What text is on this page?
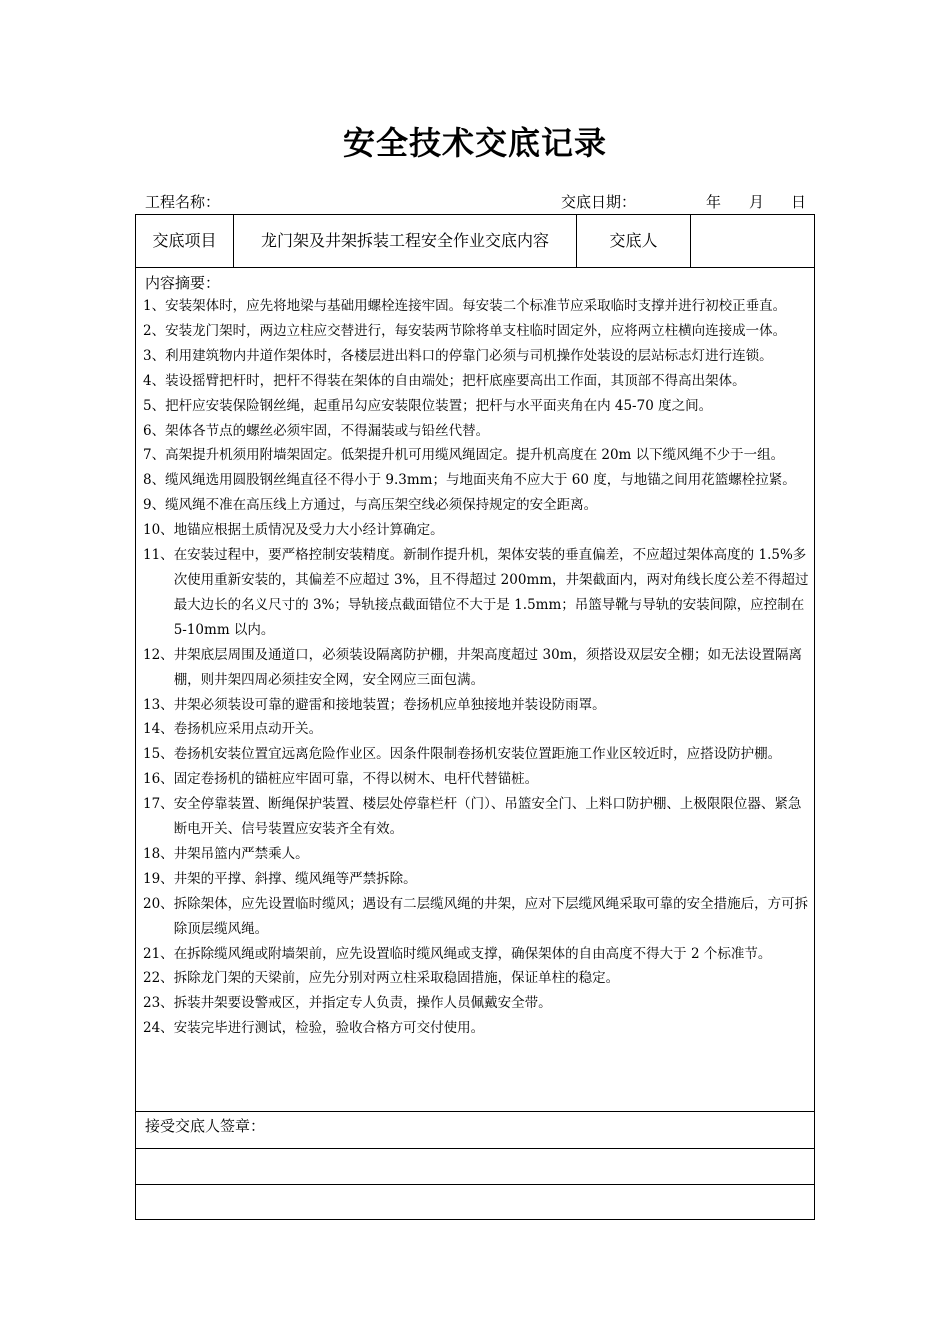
安全技术交底记录
工程名称：	交底日期：	年 月 日
交底项目	龙门架及井架拆装工程安全作业交底内容	交底人
内容摘要：
1、 安装架体时，应先将地梁与基础用螺栓连接牢固。每安装二个标准节应采取临时支撑并进行初校正垂直。
2、 安装龙门架时，两边立柱应交替进行，每安装两节除将单支柱临时固定外，应将两立柱横向连接成一体。
3、 利用建筑物内井道作架体时，各楼层进出料口的停靠门必须与司机操作处装设的层站标志灯进行连锁。
4、 装设摇臂把杆时，把杆不得装在架体的自由端处；把杆底座要高出工作面，其顶部不得高出架体。
5、 把杆应安装保险钢丝绳，起重吊勾应安装限位装置；把杆与水平面夹角在内 45-70 度之间。
6、 架体各节点的螺丝必须牢固，不得漏装或与铅丝代替。
7、 高架提升机须用附墙架固定。低架提升机可用缆风绳固定。提升机高度在 20m 以下缆风绳不少于一组。
8、 缆风绳选用圆股钢丝绳直径不得小于 9.3mm；与地面夹角不应大于 60 度，与地锚之间用花篮螺栓拉紧。
9、 缆风绳不准在高压线上方通过，与高压架空线必须保持规定的安全距离。
10、 地锚应根据土质情况及受力大小经计算确定。
11、 在安装过程中，要严格控制安装精度。新制作提升机，架体安装的垂直偏差，不应超过架体高度的 1.5%多次使用重新安装的，其偏差不应超过 3%，且不得超过 200mm，井架截面内，两对角线长度公差不得超过最大边长的名义尺寸的 3%；导轨接点截面错位不大于是 1.5mm；吊篮导靴与导轨的安装间隙，应控制在 5-10mm 以内。
12、 井架底层周围及通道口，必须装设隔离防护棚，井架高度超过 30m，须搭设双层安全棚；如无法设置隔离棚，则井架四周必须挂安全网，安全网应三面包满。
13、 井架必须装设可靠的避雷和接地装置；卷扬机应单独接地并装设防雨罩。
14、 卷扬机应采用点动开关。
15、 卷扬机安装位置宜远离危险作业区。因条件限制卷扬机安装位置距施工作业区较近时，应搭设防护棚。
16、 固定卷扬机的锚桩应牢固可靠，不得以树木、电杆代替锚桩。
17、 安全停靠装置、断绳保护装置、楼层处停靠栏杆（门）、吊篮安全门、上料口防护棚、上极限限位器、紧急断电开关、信号装置应安装齐全有效。
18、 井架吊篮内严禁乘人。
19、 井架的平撑、斜撑、缆风绳等严禁拆除。
20、 拆除架体，应先设置临时缆风；遇设有二层缆风绳的井架，应对下层缆风绳采取可靠的安全措施后，方可拆除顶层缆风绳。
21、 在拆除缆风绳或附墙架前，应先设置临时缆风绳或支撑，确保架体的自由高度不得大于 2 个标准节。
22、 拆除龙门架的天梁前，应先分别对两立柱采取稳固措施，保证单柱的稳定。
23、 拆装井架要设警戒区，并指定专人负责，操作人员佩戴安全带。
24、 安装完毕进行测试，检验，验收合格方可交付使用。
接受交底人签章：
